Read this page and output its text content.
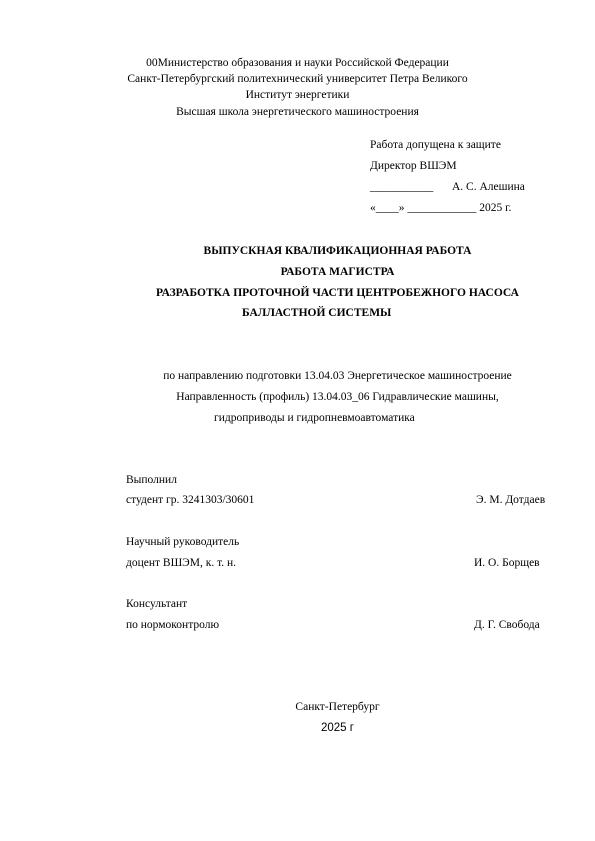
00Министерство образования и науки Российской Федерации
Санкт-Петербургский политехнический университет Петра Великого
Институт энергетики
Высшая школа энергетического машиностроения
Работа допущена к защите
Директор ВШЭМ
___________ А. С. Алешина
«____» ____________ 2025 г.
ВЫПУСКНАЯ КВАЛИФИКАЦИОННАЯ РАБОТА
РАБОТА МАГИСТРА
РАЗРАБОТКА ПРОТОЧНОЙ ЧАСТИ ЦЕНТРОБЕЖНОГО НАСОСА
БАЛЛАСТНОЙ СИСТЕМЫ
по направлению подготовки 13.04.03 Энергетическое машиностроение
Направленность (профиль) 13.04.03_06 Гидравлические машины,
гидроприводы и гидропневмоавтоматика
Выполнил
студент гр. 3241303/30601	Э. М. Дотдаев
Научный руководитель
доцент ВШЭМ, к. т. н.	И. О. Борщев
Консультант
по нормоконтролю	Д. Г. Свобода
Санкт-Петербург
2025 г
